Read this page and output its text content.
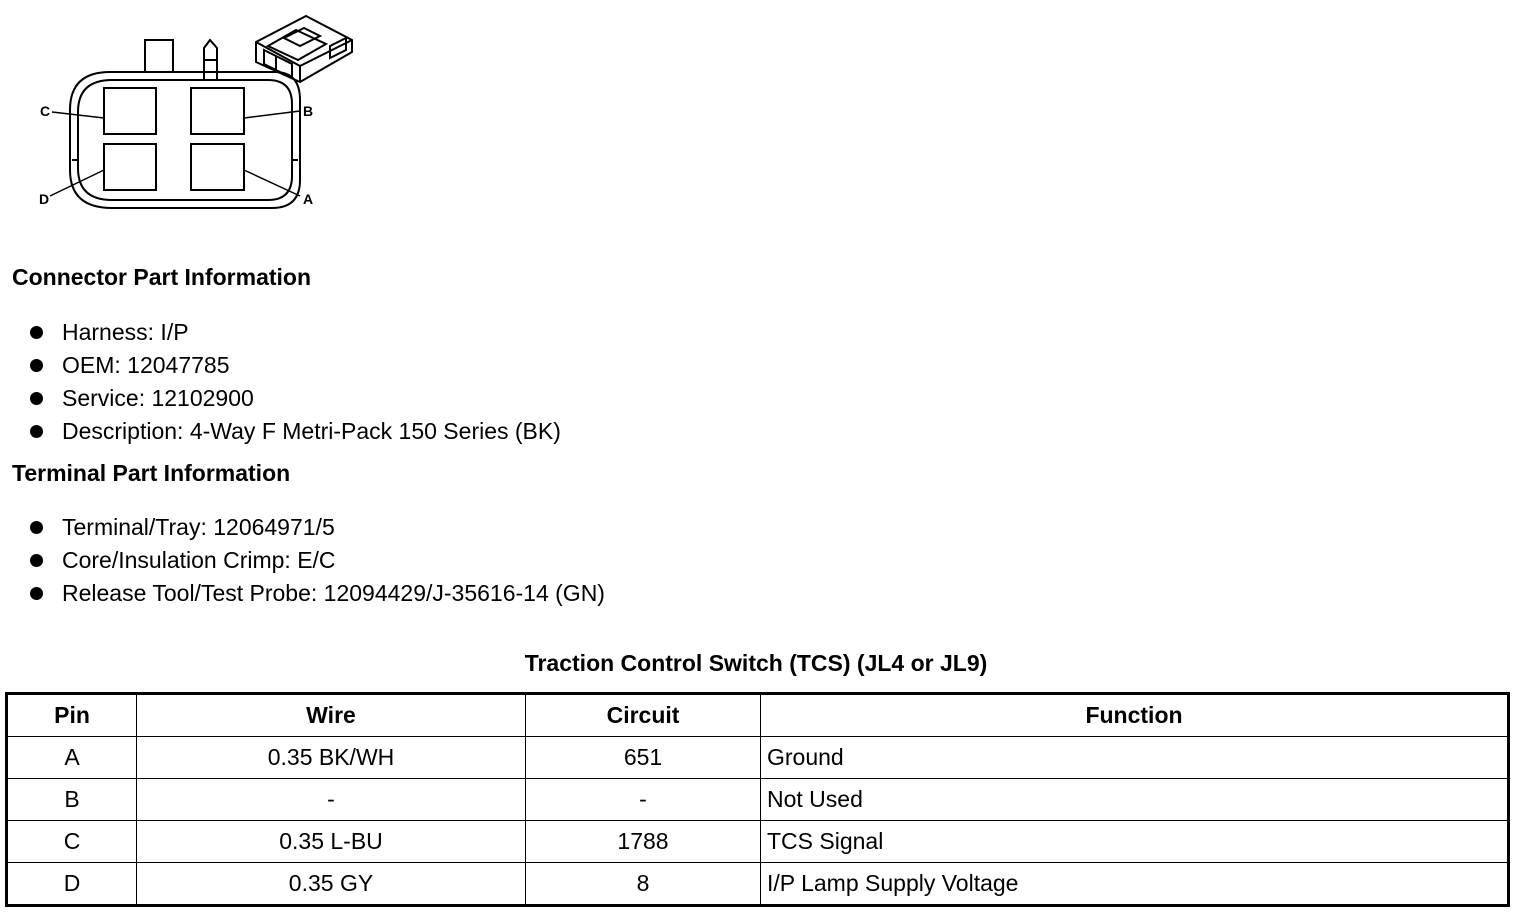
C	B
D	A
Connector Part Information
Harness: I/P
OEM: 12047785
Service: 12102900
Description: 4-Way F Metri-Pack 150 Series (BK)
Terminal Part Information
Terminal/Tray: 12064971/5
Core/Insulation Crimp: E/C
Release Tool/Test Probe: 12094429/J-35616-14 (GN)
Traction Control Switch (TCS) (JL4 or JL9)
Pin	Wire	Circuit	Function
A	0.35 BK/WH	651	Ground
B	-	-	Not Used
C	0.35 L-BU	1788	TCS Signal
D	0.35 GY	8	I/P Lamp Supply Voltage
